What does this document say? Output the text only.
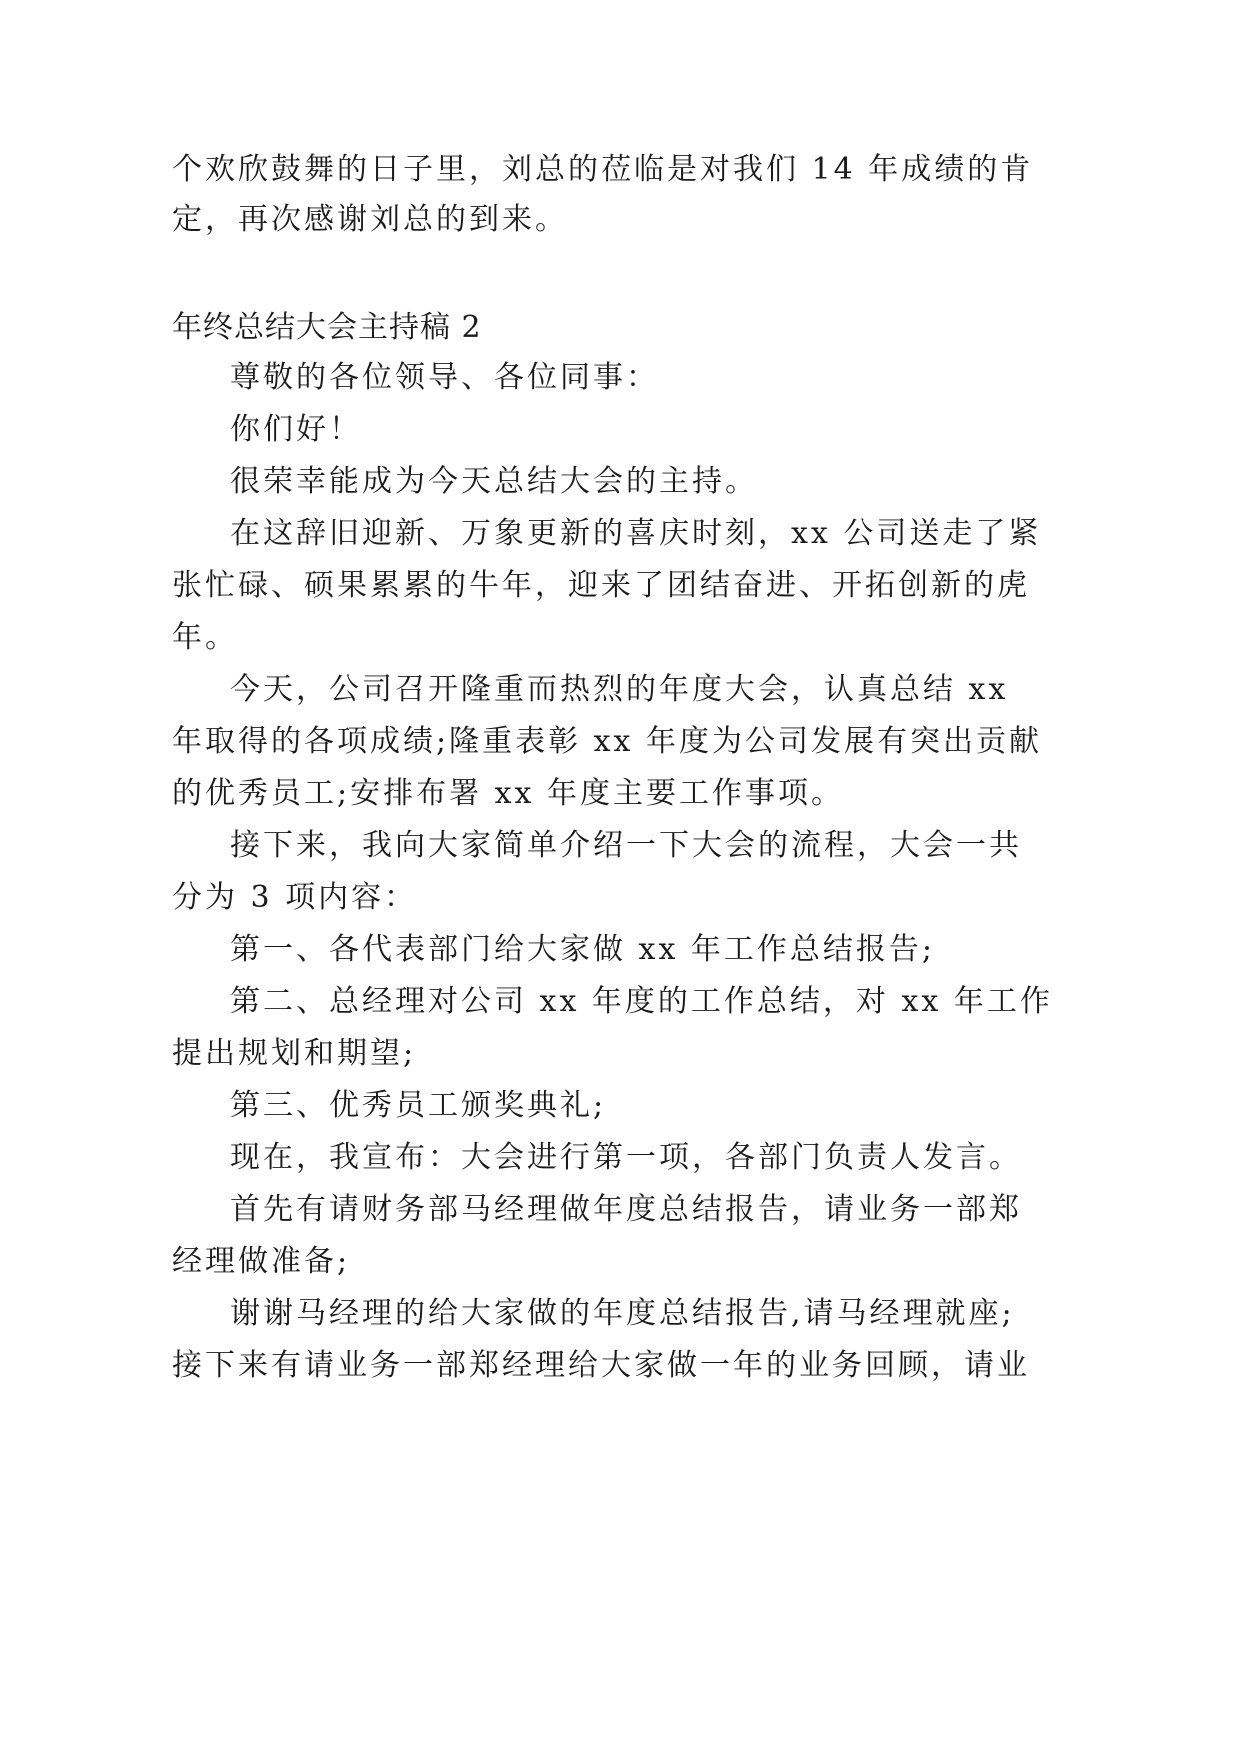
个欢欣鼓舞的日子里，刘总的莅临是对我们 14 年成绩的肯

定，再次感谢刘总的到来。

年终总结大会主持稿 2

尊敬的各位领导、各位同事：

你们好！

很荣幸能成为今天总结大会的主持。

在这辞旧迎新、万象更新的喜庆时刻，xx 公司送走了紧

张忙碌、硕果累累的牛年，迎来了团结奋进、开拓创新的虎

年。

今天，公司召开隆重而热烈的年度大会，认真总结 xx

年取得的各项成绩;隆重表彰 xx 年度为公司发展有突出贡献

的优秀员工;安排布署 xx 年度主要工作事项。

接下来，我向大家简单介绍一下大会的流程，大会一共

分为 3 项内容：

第一、各代表部门给大家做 xx 年工作总结报告;

第二、总经理对公司 xx 年度的工作总结，对 xx 年工作

提出规划和期望;

第三、优秀员工颁奖典礼;

现在，我宣布：大会进行第一项，各部门负责人发言。

首先有请财务部马经理做年度总结报告，请业务一部郑

经理做准备;

谢谢马经理的给大家做的年度总结报告,请马经理就座;

接下来有请业务一部郑经理给大家做一年的业务回顾，请业
